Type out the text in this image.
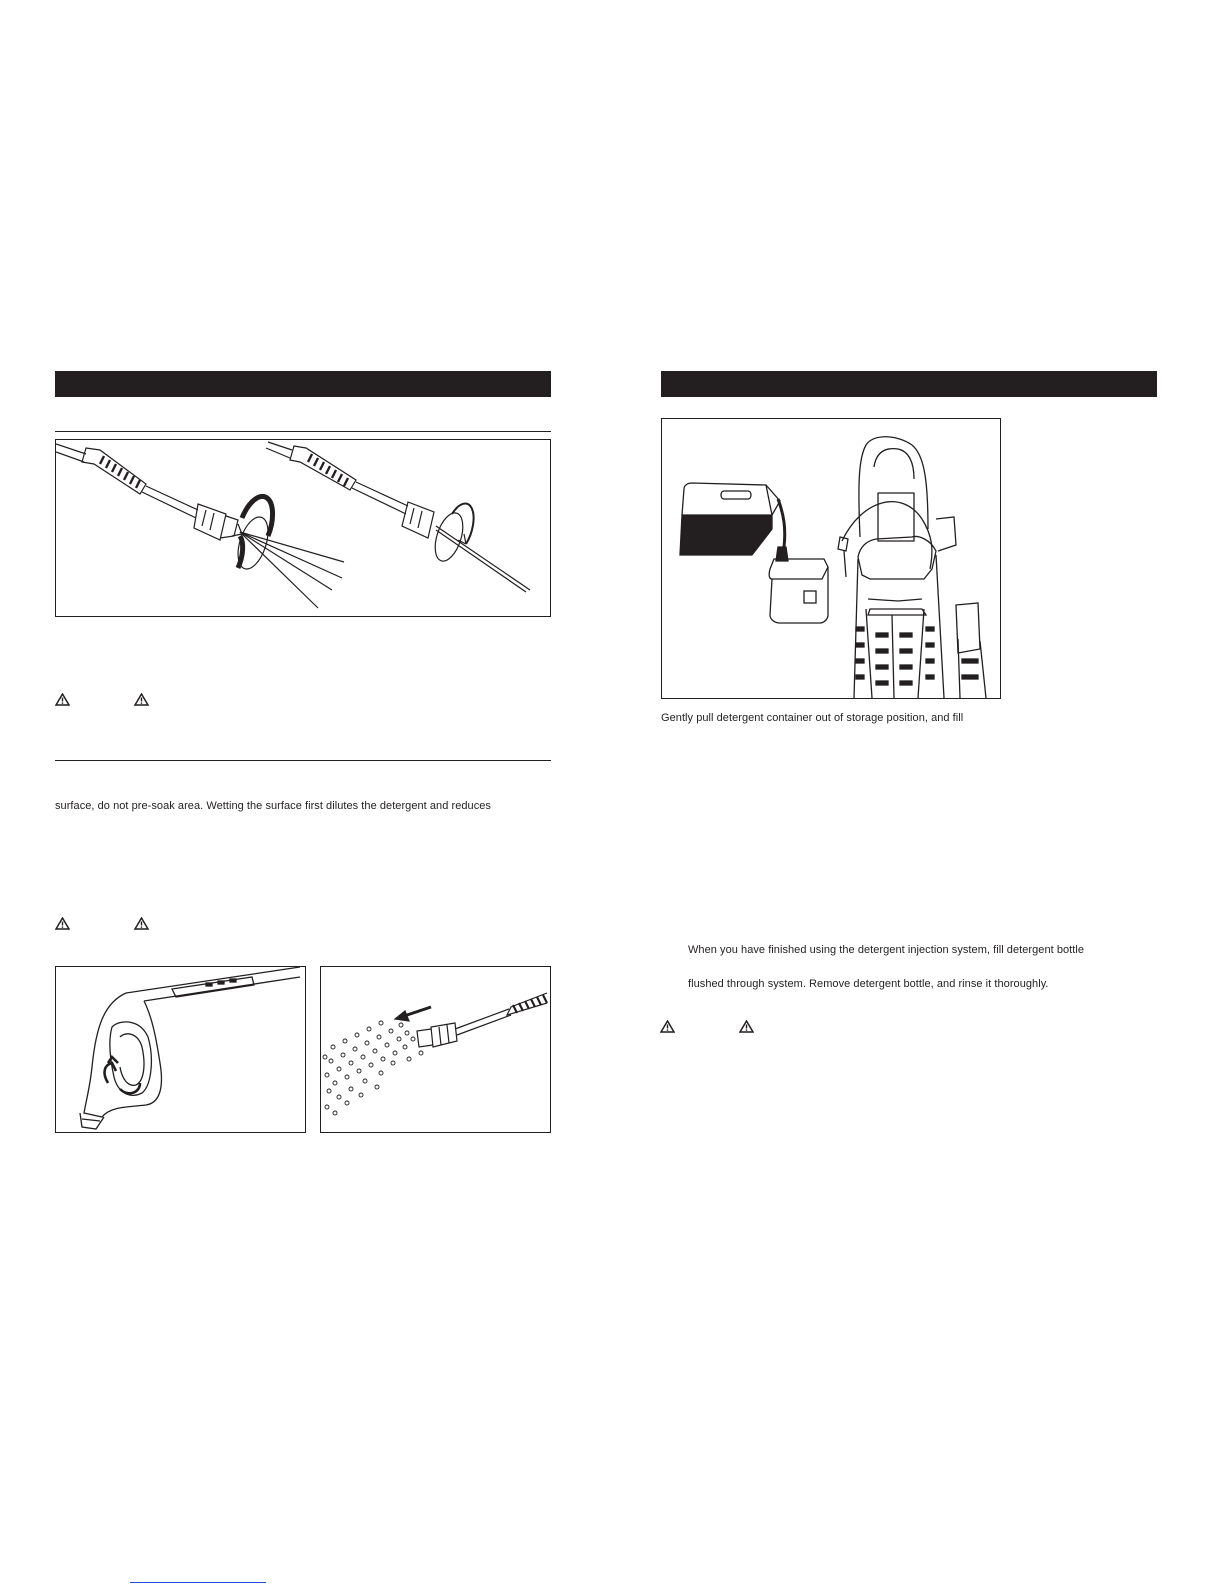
surface, do not pre-soak area. Wetting the surface first dilutes the detergent and reduces
Gently pull detergent container out of storage position, and fill
When you have finished using the detergent injection system, fill detergent bottle
flushed through system. Remove detergent bottle, and rinse it thoroughly.
